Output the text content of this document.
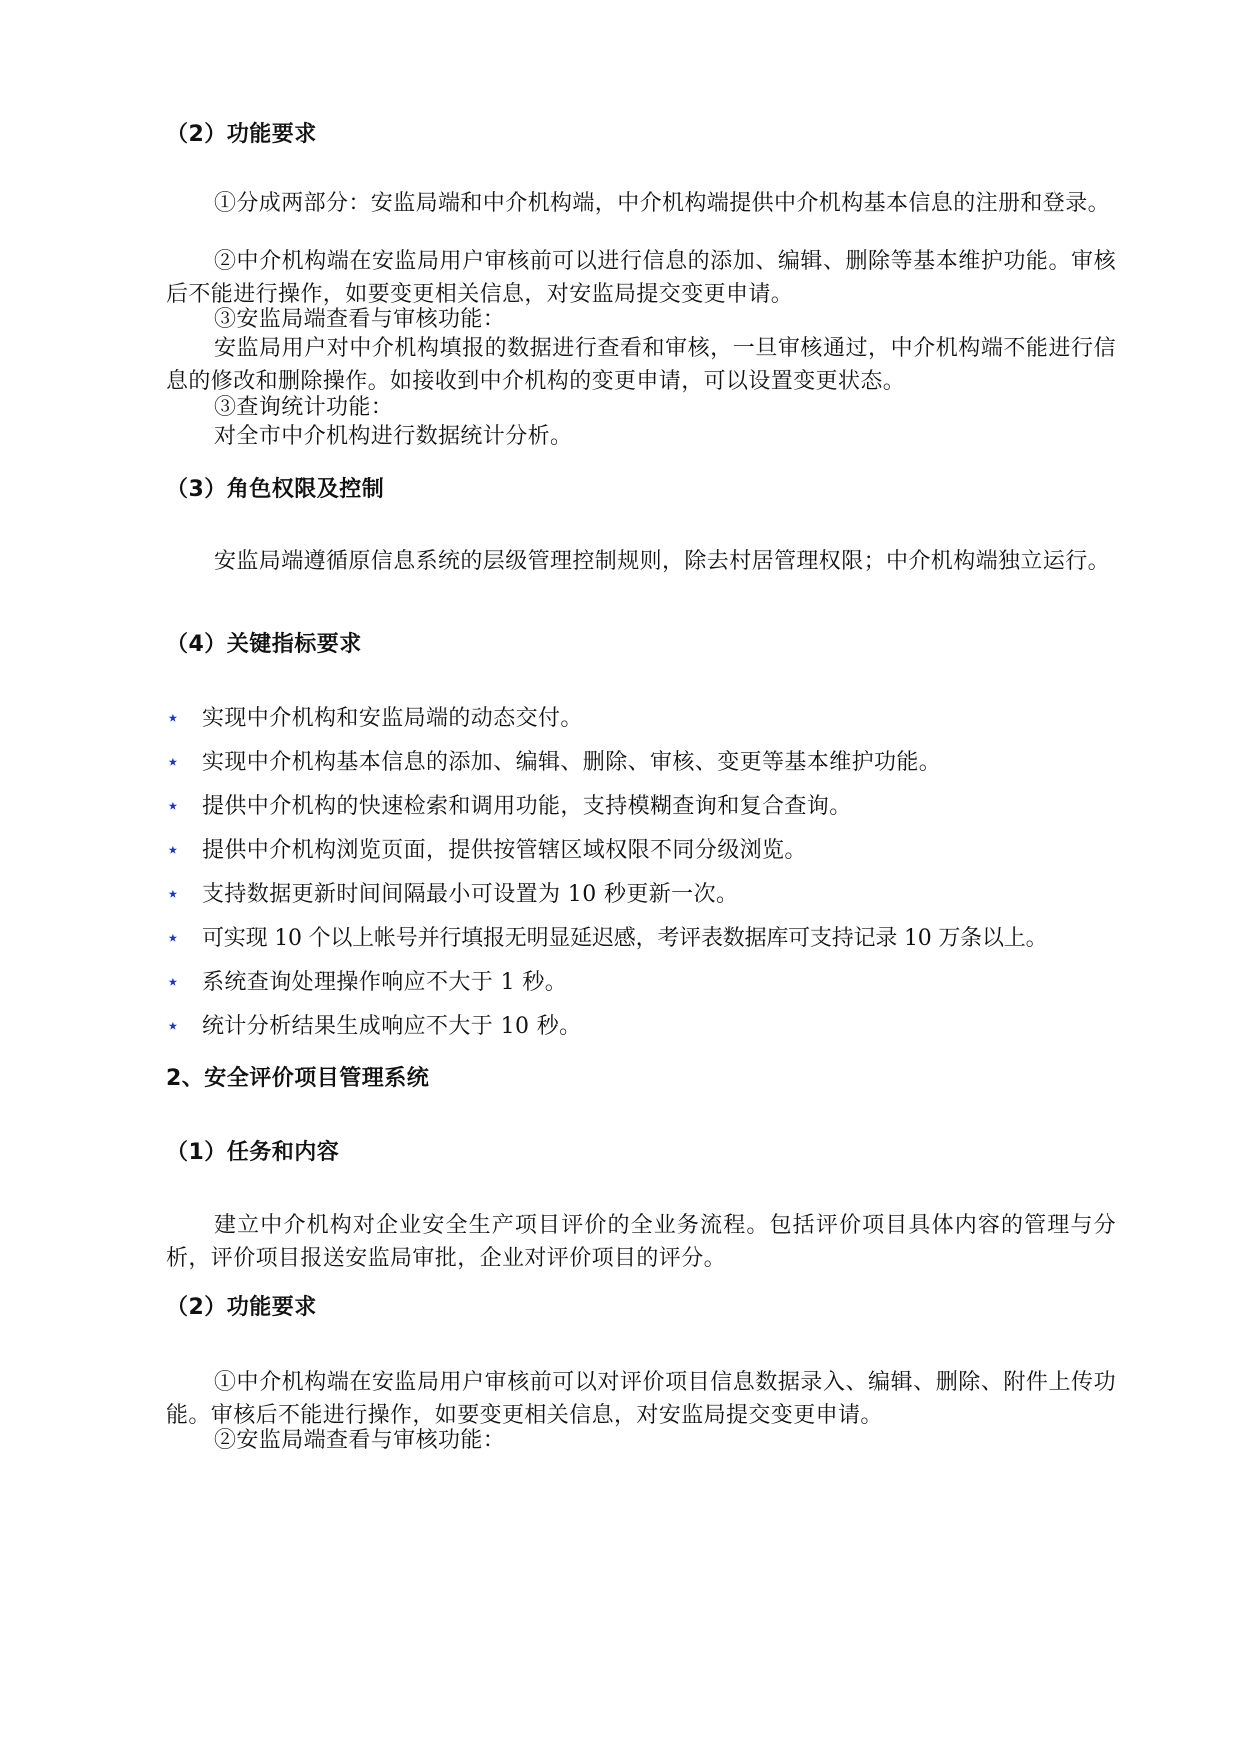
（2）功能要求
①分成两部分：安监局端和中介机构端，中介机构端提供中介机构基本信息的注册和登录。
②中介机构端在安监局用户审核前可以进行信息的添加、编辑、删除等基本维护功能。审核后不能进行操作，如要变更相关信息，对安监局提交变更申请。
③安监局端查看与审核功能：
安监局用户对中介机构填报的数据进行查看和审核，一旦审核通过，中介机构端不能进行信息的修改和删除操作。如接收到中介机构的变更申请，可以设置变更状态。
③查询统计功能：
对全市中介机构进行数据统计分析。
（3）角色权限及控制
安监局端遵循原信息系统的层级管理控制规则，除去村居管理权限；中介机构端独立运行。
（4）关键指标要求
⋆ 实现中介机构和安监局端的动态交付。
⋆ 实现中介机构基本信息的添加、编辑、删除、审核、变更等基本维护功能。
⋆ 提供中介机构的快速检索和调用功能，支持模糊查询和复合查询。
⋆ 提供中介机构浏览页面，提供按管辖区域权限不同分级浏览。
⋆ 支持数据更新时间间隔最小可设置为 10 秒更新一次。
⋆ 可实现 10 个以上帐号并行填报无明显延迟感，考评表数据库可支持记录 10 万条以上。
⋆ 系统查询处理操作响应不大于 1 秒。
⋆ 统计分析结果生成响应不大于 10 秒。
2、安全评价项目管理系统
（1）任务和内容
建立中介机构对企业安全生产项目评价的全业务流程。包括评价项目具体内容的管理与分析，评价项目报送安监局审批，企业对评价项目的评分。
（2）功能要求
①中介机构端在安监局用户审核前可以对评价项目信息数据录入、编辑、删除、附件上传功能。审核后不能进行操作，如要变更相关信息，对安监局提交变更申请。
②安监局端查看与审核功能：
